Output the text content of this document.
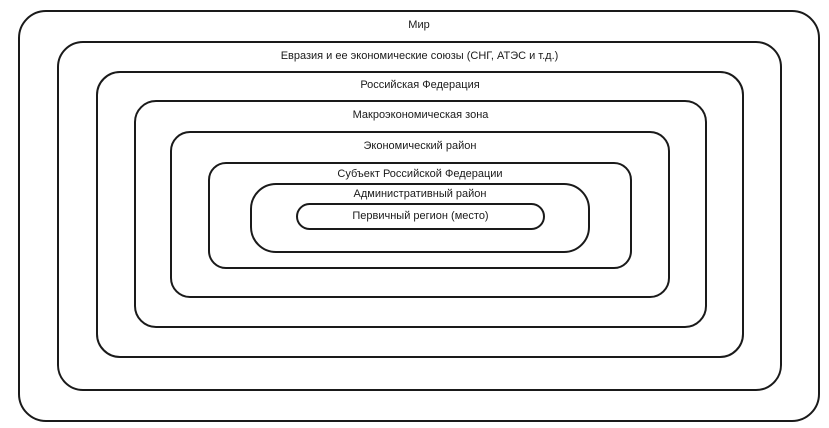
Мир
Евразия и ее экономические союзы (СНГ, АТЭС и т.д.)
Российская Федерация
Макроэкономическая зона
Экономический район
Субъект Российской Федерации
Административный район
Первичный регион (место)
